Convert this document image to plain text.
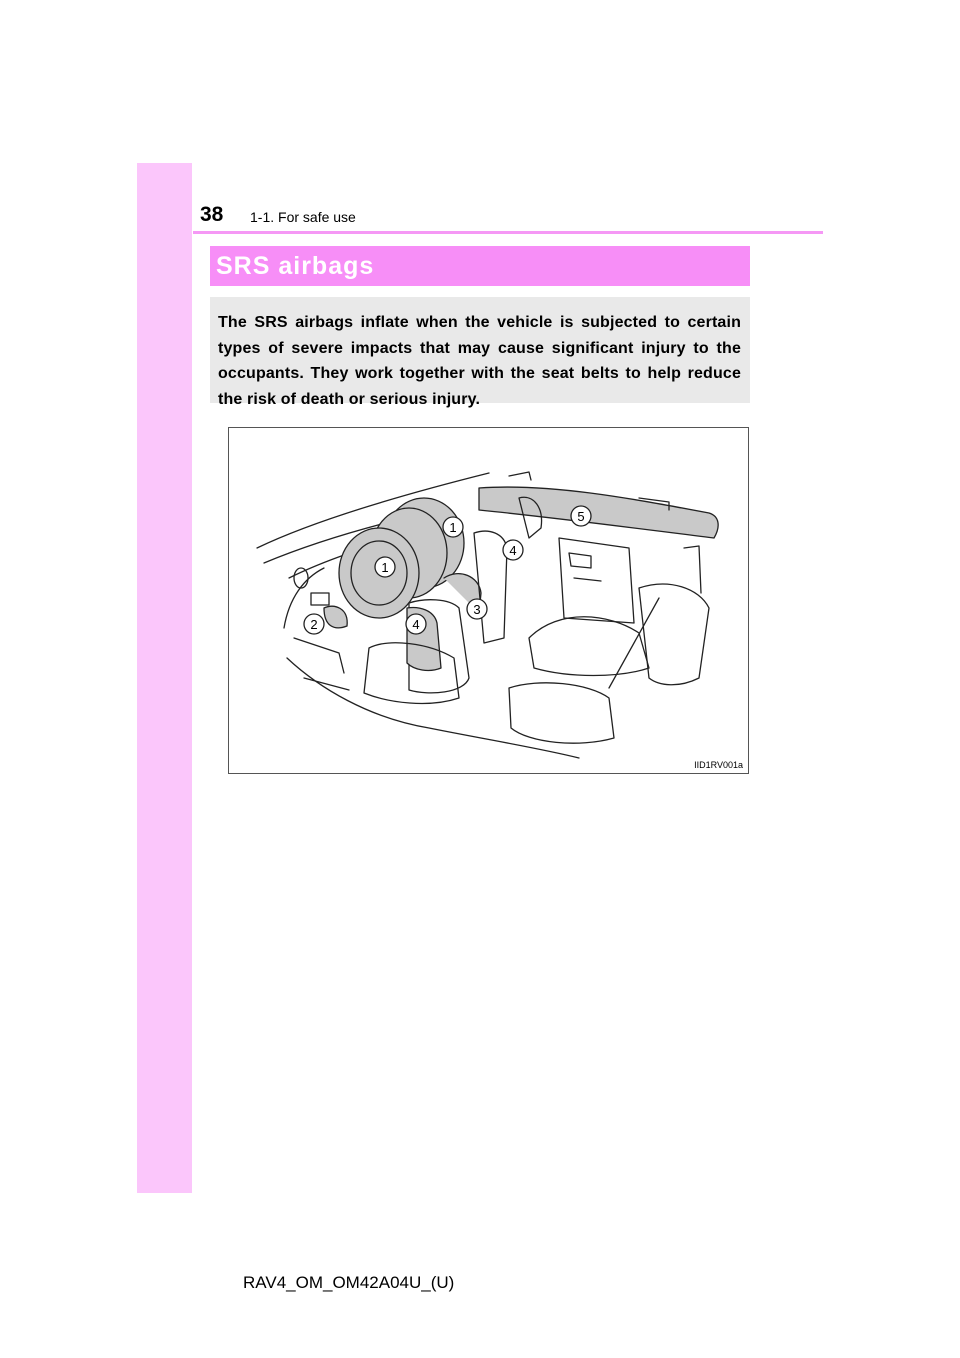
38 1-1. For safe use
SRS airbags

The SRS airbags inflate when the vehicle is subjected to certain types of severe impacts that may cause significant injury to the occupants. They work together with the seat belts to help reduce the risk of death or serious injury.

1
1
2
3
4
4
5
IID1RV001a
RAV4_OM_OM42A04U_(U)
